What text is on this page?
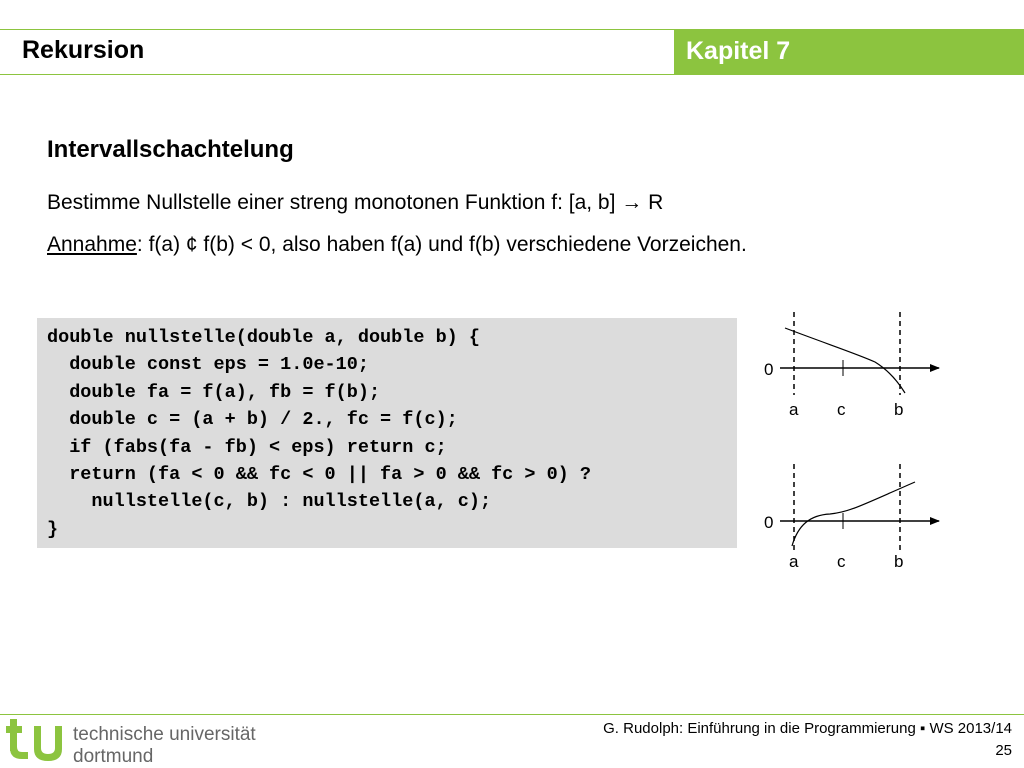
Rekursion	Kapitel 7
Intervallschachtelung
Bestimme Nullstelle einer streng monotonen Funktion f: [a, b] → R
Annahme: f(a) ¢ f(b) < 0, also haben f(a) und f(b) verschiedene Vorzeichen.
double nullstelle(double a, double b) {
double const eps = 1.0e-10;
double fa = f(a), fb = f(b);
double c = (a + b) / 2., fc = f(c);
if (fabs(fa - fb) < eps) return c;
return (fa < 0 && fc < 0 || fa > 0 && fc > 0) ?
nullstelle(c, b) : nullstelle(a, c);
}
0
a c	b
0
a c	b
technische universität
dortmund
G. Rudolph: Einführung in die Programmierung ▪ WS 2013/14
25
